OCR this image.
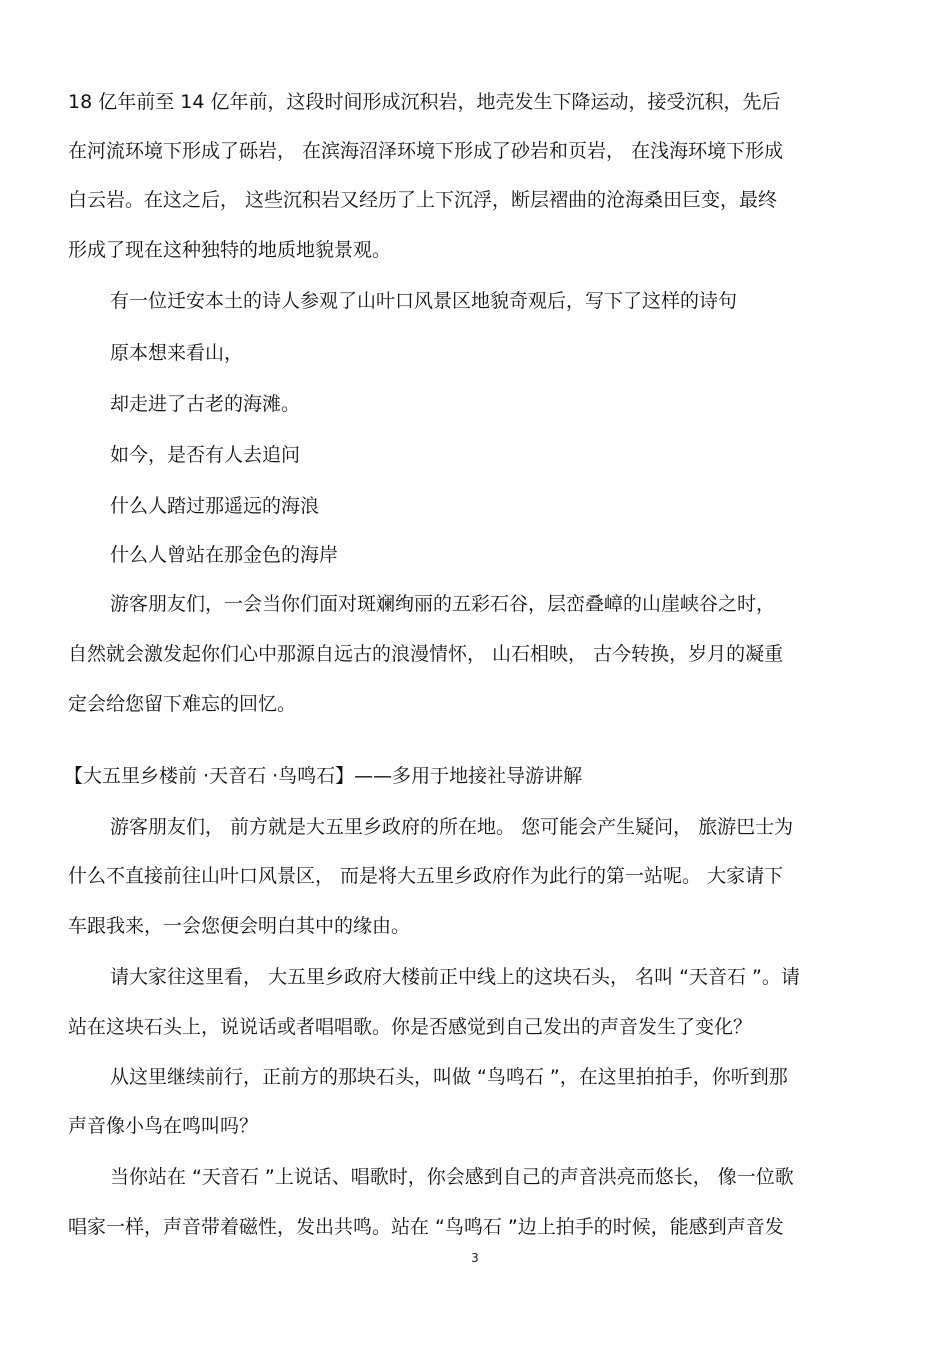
18 亿年前至 14 亿年前，这段时间形成沉积岩，地壳发生下降运动，接受沉积，先后
在河流环境下形成了砾岩， 在滨海沼泽环境下形成了砂岩和页岩， 在浅海环境下形成
白云岩。在这之后， 这些沉积岩又经历了上下沉浮，断层褶曲的沧海桑田巨变，最终
形成了现在这种独特的地质地貌景观。
有一位迁安本土的诗人参观了山叶口风景区地貌奇观后，写下了这样的诗句
原本想来看山，
却走进了古老的海滩。
如今，是否有人去追问
什么人踏过那遥远的海浪
什么人曾站在那金色的海岸
游客朋友们，一会当你们面对斑斓绚丽的五彩石谷，层峦叠嶂的山崖峡谷之时，
自然就会激发起你们心中那源自远古的浪漫情怀， 山石相映， 古今转换，岁月的凝重
定会给您留下难忘的回忆。
【大五里乡楼前 ·天音石 ·鸟鸣石】——多用于地接社导游讲解
游客朋友们， 前方就是大五里乡政府的所在地。 您可能会产生疑问， 旅游巴士为
什么不直接前往山叶口风景区， 而是将大五里乡政府作为此行的第一站呢。 大家请下
车跟我来，一会您便会明白其中的缘由。
请大家往这里看， 大五里乡政府大楼前正中线上的这块石头， 名叫 “天音石 ”。请
站在这块石头上，说说话或者唱唱歌。你是否感觉到自己发出的声音发生了变化？
从这里继续前行，正前方的那块石头，叫做 “鸟鸣石 ”，在这里拍拍手，你听到那
声音像小鸟在鸣叫吗？
当你站在 “天音石 ”上说话、唱歌时，你会感到自己的声音洪亮而悠长， 像一位歌
唱家一样，声音带着磁性，发出共鸣。站在 “鸟鸣石 ”边上拍手的时候，能感到声音发
3
